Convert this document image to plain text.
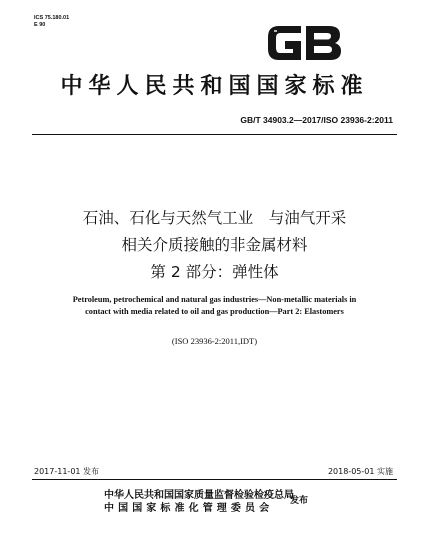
ICS 75.180.01
E 90
GB
中华人民共和国国家标准
GB/T 34903.2—2017/ISO 23936-2:2011
石油、石化与天然气工业　与油气开采
相关介质接触的非金属材料
第 2 部分：弹性体
Petroleum, petrochemical and natural gas industries—Non-metallic materials in
contact with media related to oil and gas production—Part 2: Elastomers
(ISO 23936-2:2011,IDT)
2017-11-01 发布	2018-05-01 实施
中华人民共和国国家质量监督检验检疫总局
中国国家标准化管理委员会
发布
